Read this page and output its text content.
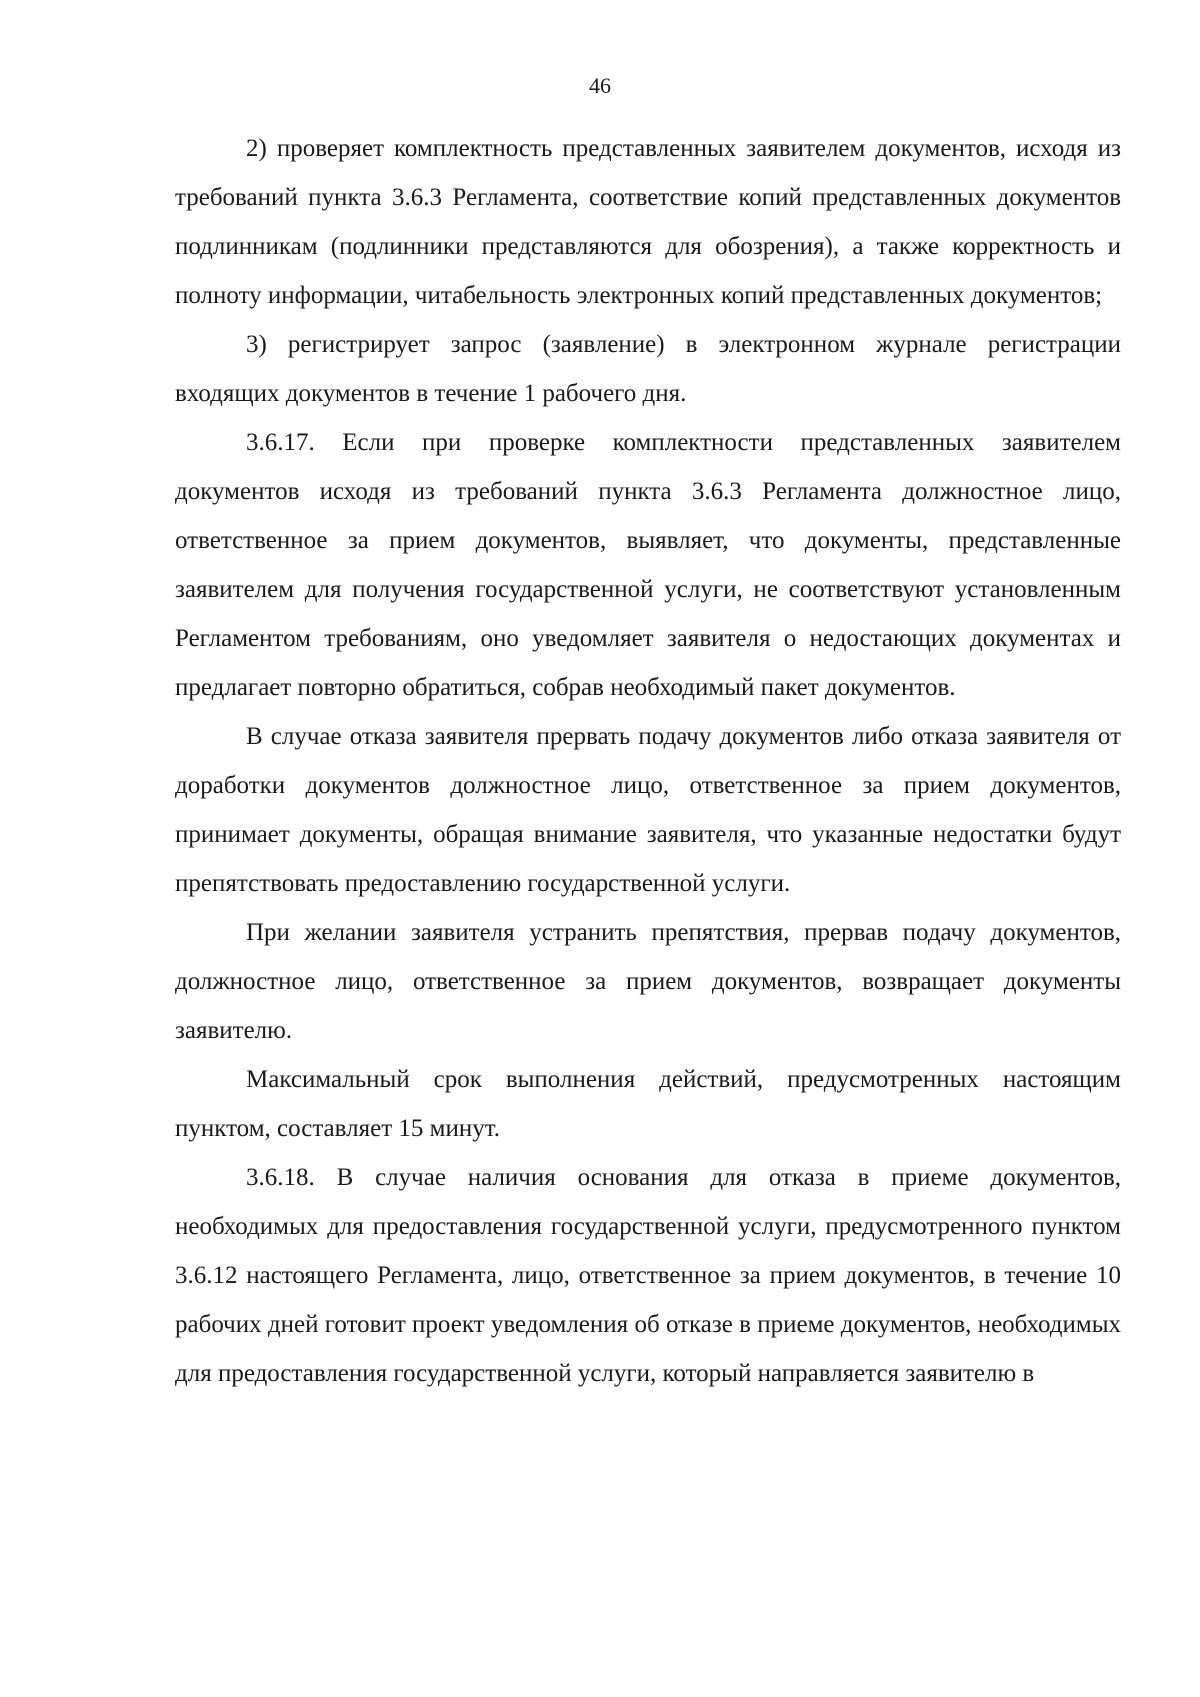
46

2) проверяет комплектность представленных заявителем документов, исходя из требований пункта 3.6.3 Регламента, соответствие копий представленных документов подлинникам (подлинники представляются для обозрения), а также корректность и полноту информации, читабельность электронных копий представленных документов;

3) регистрирует запрос (заявление) в электронном журнале регистрации входящих документов в течение 1 рабочего дня.

3.6.17. Если при проверке комплектности представленных заявителем документов исходя из требований пункта 3.6.3 Регламента должностное лицо, ответственное за прием документов, выявляет, что документы, представленные заявителем для получения государственной услуги, не соответствуют установленным Регламентом требованиям, оно уведомляет заявителя о недостающих документах и предлагает повторно обратиться, собрав необходимый пакет документов.

В случае отказа заявителя прервать подачу документов либо отказа заявителя от доработки документов должностное лицо, ответственное за прием документов, принимает документы, обращая внимание заявителя, что указанные недостатки будут препятствовать предоставлению государственной услуги.

При желании заявителя устранить препятствия, прервав подачу документов, должностное лицо, ответственное за прием документов, возвращает документы заявителю.

Максимальный срок выполнения действий, предусмотренных настоящим пунктом, составляет 15 минут.

3.6.18. В случае наличия основания для отказа в приеме документов, необходимых для предоставления государственной услуги, предусмотренного пунктом 3.6.12 настоящего Регламента, лицо, ответственное за прием документов, в течение 10 рабочих дней готовит проект уведомления об отказе в приеме документов, необходимых для предоставления государственной услуги, который направляется заявителю в
